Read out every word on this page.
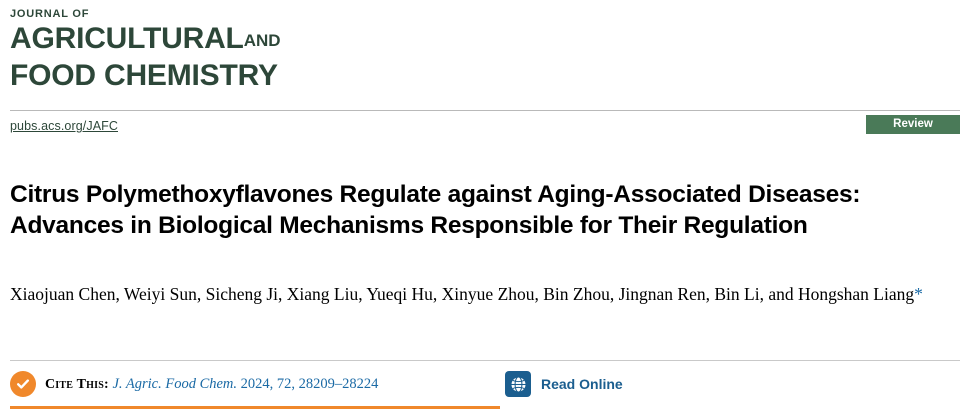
JOURNAL OF
AGRICULTURALAND
FOOD CHEMISTRY
pubs.acs.org/JAFC	Review
Citrus Polymethoxyflavones Regulate against Aging-Associated Diseases: Advances in Biological Mechanisms Responsible for Their Regulation
Xiaojuan Chen, Weiyi Sun, Sicheng Ji, Xiang Liu, Yueqi Hu, Xinyue Zhou, Bin Zhou, Jingnan Ren, Bin Li, and Hongshan Liang*
Cite This: J. Agric. Food Chem. 2024, 72, 28209–28224	Read Online
